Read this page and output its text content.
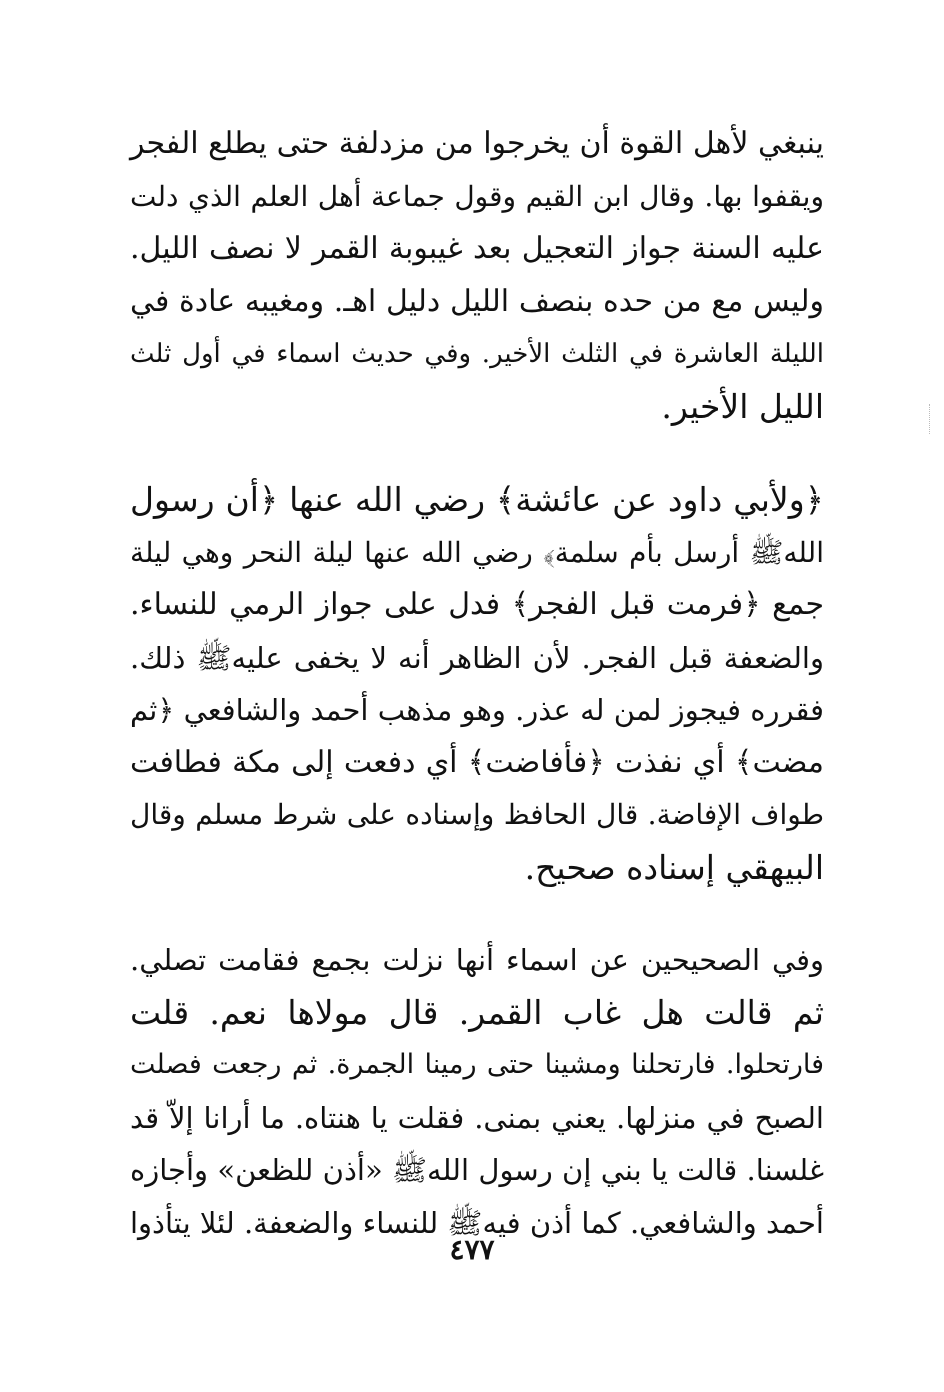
ينبغي لأهل القوة أن يخرجوا من مزدلفة حتى يطلع الفجر
ويقفوا بها. وقال ابن القيم وقول جماعة أهل العلم الذي دلت
عليه السنة جواز التعجيل بعد غيبوبة القمر لا نصف الليل.
وليس مع من حده بنصف الليل دليل اهـ. ومغيبه عادة في
الليلة العاشرة في الثلث الأخير. وفي حديث اسماء في أول ثلث
الليل الأخير.
﴿ولأبي داود عن عائشة﴾ رضي الله عنها ﴿أن رسول
اللهﷺ أرسل بأم سلمة﴾ رضي الله عنها ليلة النحر وهي ليلة
جمع ﴿فرمت قبل الفجر﴾ فدل على جواز الرمي للنساء.
والضعفة قبل الفجر. لأن الظاهر أنه لا يخفى عليهﷺ ذلك.
فقرره فيجوز لمن له عذر. وهو مذهب أحمد والشافعي ﴿ثم
مضت﴾ أي نفذت ﴿فأفاضت﴾ أي دفعت إلى مكة فطافت
طواف الإفاضة. قال الحافظ وإسناده على شرط مسلم وقال
البيهقي إسناده صحيح.
وفي الصحيحين عن اسماء أنها نزلت بجمع فقامت تصلي.
ثم قالت هل غاب القمر. قال مولاها نعم. قلت
فارتحلوا. فارتحلنا ومشينا حتى رمينا الجمرة. ثم رجعت فصلت
الصبح في منزلها. يعني بمنى. فقلت يا هنتاه. ما أرانا إلاّ قد
غلسنا. قالت يا بني إن رسول اللهﷺ «أذن للظعن» وأجازه
أحمد والشافعي. كما أذن فيهﷺ للنساء والضعفة. لئلا يتأذوا
٤٧٧
